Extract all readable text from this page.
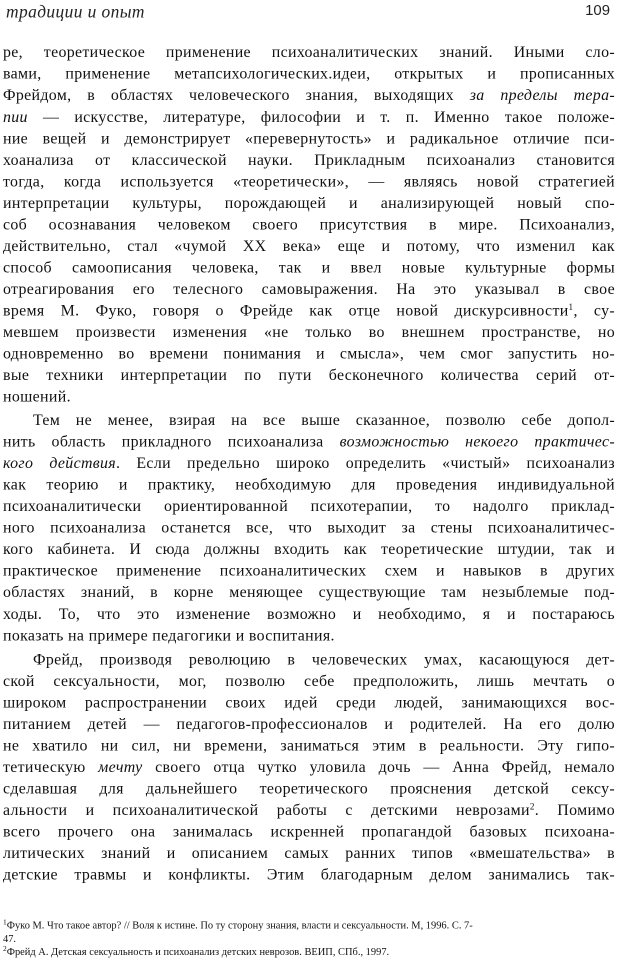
традиции и опыт	109
ре, теоретическое применение психоаналитических знаний. Иными сло-
вами, применение метапсихологических.идеи, открытых и прописанных
Фрейдом, в областях человеческого знания, выходящих за пределы тера-
пии — искусстве, литературе, философии и т. п. Именно такое положе-
ние вещей и демонстрирует «перевернутость» и радикальное отличие пси-
хоанализа от классической науки. Прикладным психоанализ становится
тогда, когда используется «теоретически», — являясь новой стратегией
интерпретации культуры, порождающей и анализирующей новый спо-
соб осознавания человеком своего присутствия в мире. Психоанализ,
действительно, стал «чумой XX века» еще и потому, что изменил как
способ самоописания человека, так и ввел новые культурные формы
отреагирования его телесного самовыражения. На это указывал в свое
время М. Фуко, говоря о Фрейде как отце новой дискурсивности$^1$, су-
мевшем произвести изменения «не только во внешнем пространстве, но
одновременно во времени понимания и смысла», чем смог запустить но-
вые техники интерпретации по пути бесконечного количества серий от-
ношений.
Тем не менее, взирая на все выше сказанное, позволю себе допол-
нить область прикладного психоанализа возможностью некоего практичес-
кого действия. Если предельно широко определить «чистый» психоанализ
как теорию и практику, необходимую для проведения индивидуальной
психоаналитически ориентированной психотерапии, то надолго приклад-
ного психоанализа останется все, что выходит за стены психоаналитичес-
кого кабинета. И сюда должны входить как теоретические штудии, так и
практическое применение психоаналитических схем и навыков в других
областях знаний, в корне меняющее существующие там незыблемые под-
ходы. То, что это изменение возможно и необходимо, я и постараюсь
показать на примере педагогики и воспитания.
Фрейд, производя революцию в человеческих умах, касающуюся дет-
ской сексуальности, мог, позволю себе предположить, лишь мечтать о
широком распространении своих идей среди людей, занимающихся вос-
питанием детей — педагогов-профессионалов и родителей. На его долю
не хватило ни сил, ни времени, заниматься этим в реальности. Эту гипо-
тетическую мечту своего отца чутко уловила дочь — Анна Фрейд, немало
сделавшая для дальнейшего теоретического прояснения детской сексу-
альности и психоаналитической работы с детскими неврозами$^2$. Помимо
всего прочего она занималась искренней пропагандой базовых психоана-
литических знаний и описанием самых ранних типов «вмешательства» в
детские травмы и конфликты. Этим благодарным делом занимались так-
$^1$Фуко М. Что такое автор? // Воля к истине. По ту сторону знания, власти и сексуальности. М, 1996. С. 7-
47.
$^2$Фрейд А. Детская сексуальность и психоанализ детских неврозов. ВЕИП, СПб., 1997.
